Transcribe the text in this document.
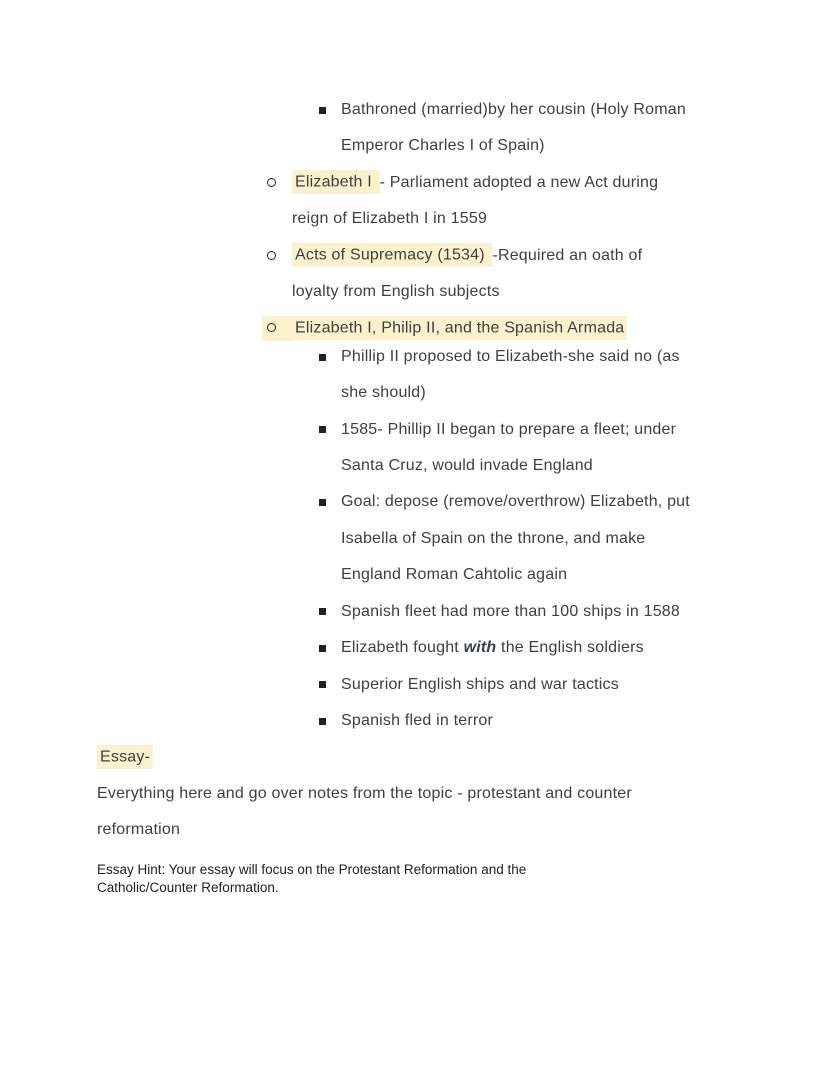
Bathroned (married)by her cousin (Holy Roman
Emperor Charles I of Spain)
Elizabeth I - Parliament adopted a new Act during
reign of Elizabeth I in 1559
Acts of Supremacy (1534) -Required an oath of
loyalty from English subjects
Elizabeth I, Philip II, and the Spanish Armada
Phillip II proposed to Elizabeth-she said no (as
she should)
1585- Phillip II began to prepare a fleet; under
Santa Cruz, would invade England
Goal: depose (remove/overthrow) Elizabeth, put
Isabella of Spain on the throne, and make
England Roman Cahtolic again
Spanish fleet had more than 100 ships in 1588
Elizabeth fought with the English soldiers
Superior English ships and war tactics
Spanish fled in terror
Essay-
Everything here and go over notes from the topic - protestant and counter
reformation
Essay Hint: Your essay will focus on the Protestant Reformation and the
Catholic/Counter Reformation.
